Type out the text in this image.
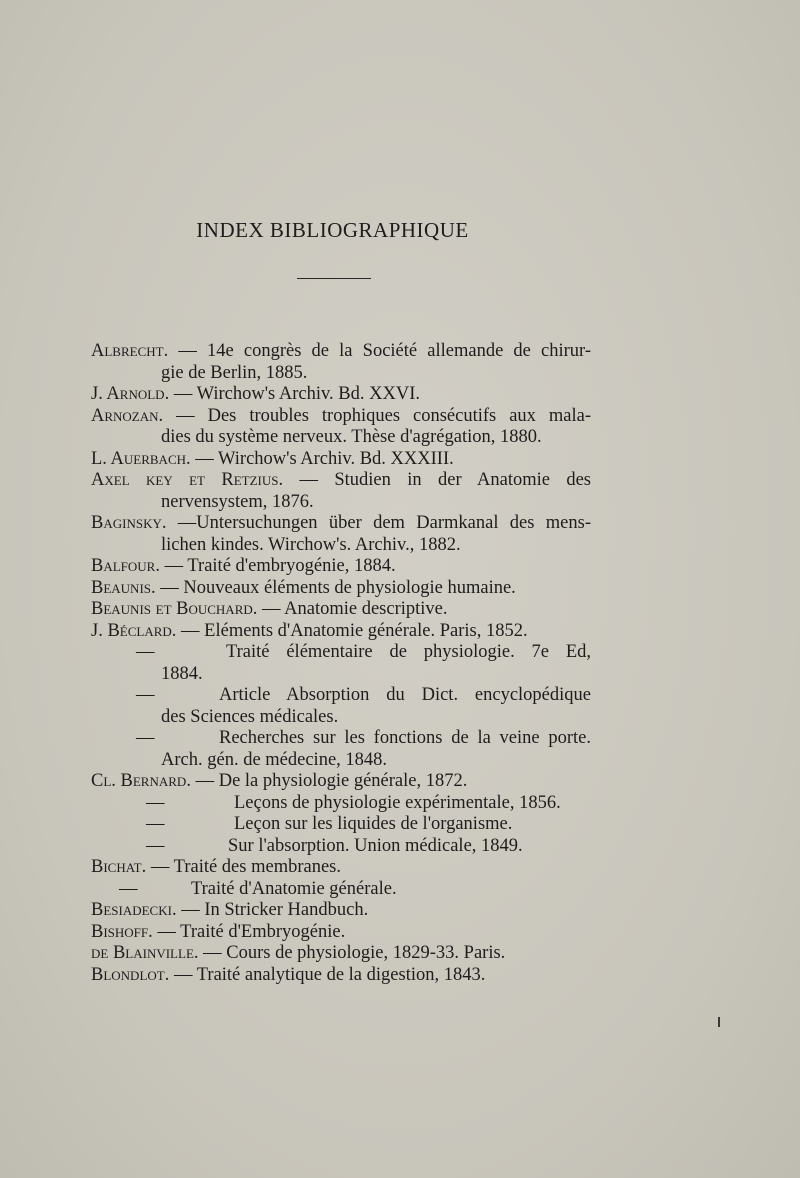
INDEX BIBLIOGRAPHIQUE
Albrecht. — 14e congrès de la Société allemande de chirur-
gie de Berlin, 1885.
J. Arnold. — Wirchow's Archiv. Bd. XXVI.
Arnozan. — Des troubles trophiques consécutifs aux mala-
dies du système nerveux. Thèse d'agrégation, 1880.
L. Auerbach. — Wirchow's Archiv. Bd. XXXIII.
Axel key et Retzius. — Studien in der Anatomie des
nervensystem, 1876.
Baginsky. —Untersuchungen über dem Darmkanal des mens-
lichen kindes. Wirchow's. Archiv., 1882.
Balfour. — Traité d'embryogénie, 1884.
Beaunis. — Nouveaux éléments de physiologie humaine.
Beaunis et Bouchard. — Anatomie descriptive.
J. Béclard. — Eléments d'Anatomie générale. Paris, 1852.
—	Traité élémentaire de physiologie. 7e Ed,
1884.
—	Article Absorption du Dict. encyclopédique
des Sciences médicales.
—	Recherches sur les fonctions de la veine porte.
Arch. gén. de médecine, 1848.
Cl. Bernard. — De la physiologie générale, 1872.
—	Leçons de physiologie expérimentale, 1856.
—	Leçon sur les liquides de l'organisme.
—	Sur l'absorption. Union médicale, 1849.
Bichat. — Traité des membranes.
—	Traité d'Anatomie générale.
Besiadecki. — In Stricker Handbuch.
Bishoff. — Traité d'Embryogénie.
de Blainville. — Cours de physiologie, 1829-33. Paris.
Blondlot. — Traité analytique de la digestion, 1843.
